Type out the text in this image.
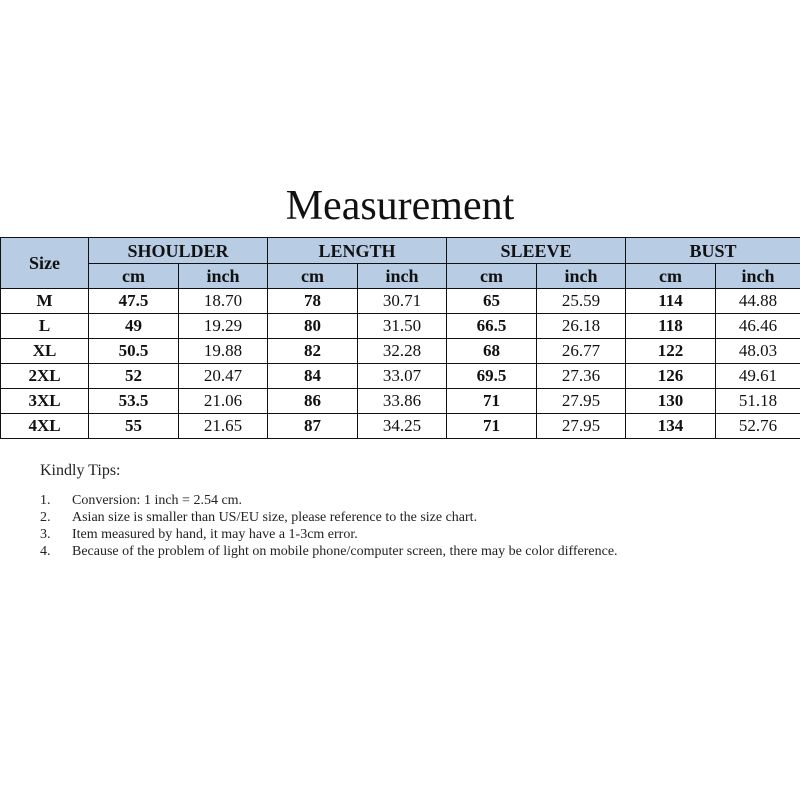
Measurement
Size	SHOULDER		LENGTH		SLEEVE		BUST	
	cm	inch	cm	inch	cm	inch	cm	inch
M	47.5	18.70	78	30.71	65	25.59	114	44.88
L	49	19.29	80	31.50	66.5	26.18	118	46.46
XL	50.5	19.88	82	32.28	68	26.77	122	48.03
2XL	52	20.47	84	33.07	69.5	27.36	126	49.61
3XL	53.5	21.06	86	33.86	71	27.95	130	51.18
4XL	55	21.65	87	34.25	71	27.95	134	52.76
Kindly Tips:
1.	Conversion: 1 inch = 2.54 cm.
2.	Asian size is smaller than US/EU size, please reference to the size chart.
3.	Item measured by hand, it may have a 1-3cm error.
4.	Because of the problem of light on mobile phone/computer screen, there may be color difference.
